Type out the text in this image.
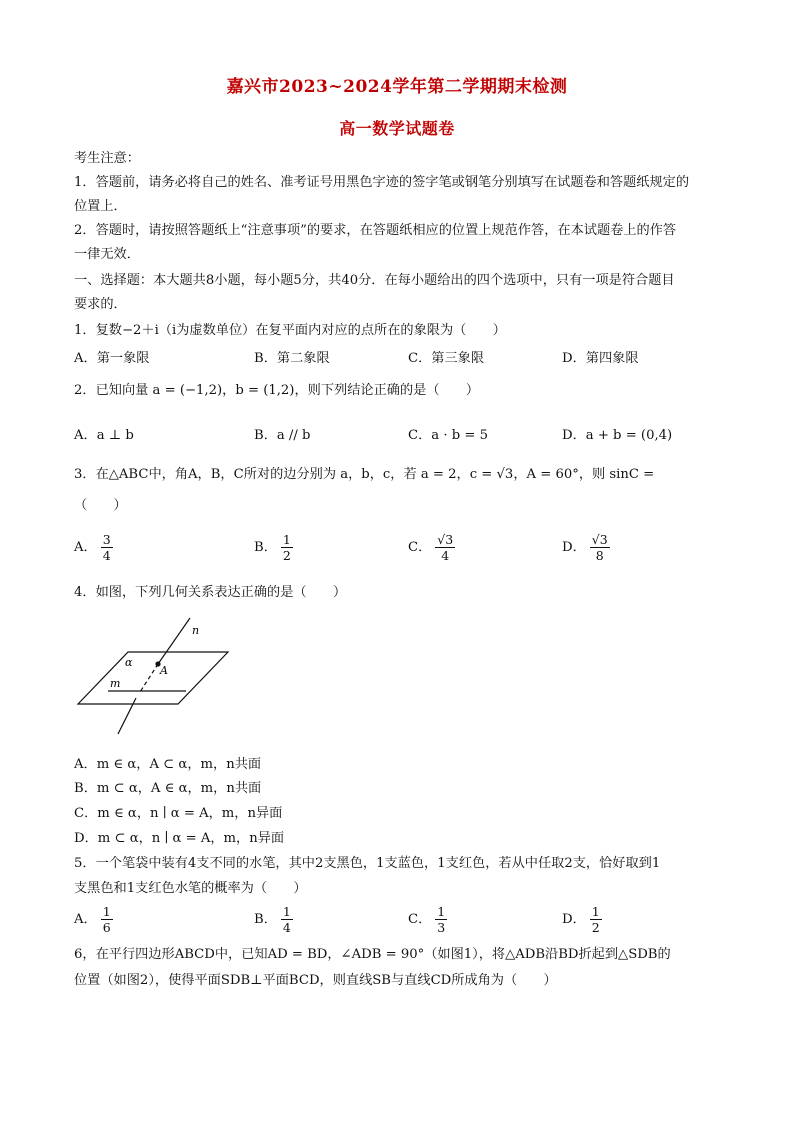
嘉兴市2023~2024学年第二学期期末检测
高一数学试题卷
考生注意：
1．答题前，请务必将自己的姓名、准考证号用黑色字迹的签字笔或钢笔分别填写在试题卷和答题纸规定的
位置上．
2．答题时，请按照答题纸上“注意事项”的要求，在答题纸相应的位置上规范作答，在本试题卷上的作答
一律无效．
一、选择题：本大题共8小题，每小题5分，共40分．在每小题给出的四个选项中，只有一项是符合题目
要求的．
1．复数−2＋i（i为虚数单位）在复平面内对应的点所在的象限为（　　）
A．第一象限	B．第二象限	C．第三象限	D．第四象限
2．已知向量 a = (−1,2)，b = (1,2)，则下列结论正确的是（　　）
A．a ⊥ b	B．a // b	C．a · b = 5	D．a + b = (0,4)
3．在△ABC中，角A，B，C所对的边分别为 a，b，c，若 a = 2，c = √3，A = 60°，则 sinC =
（　　）
A． $\frac{3}{4}$	B． $\frac{1}{2}$	C． $\frac{√3}{4}$	D． $\frac{√3}{8}$
4．如图，下列几何关系表达正确的是（　　）
n
α
A
m
A．m ∈ α，A ⊂ α，m，n共面
B．m ⊂ α，A ∈ α，m，n共面
C．m ∈ α，n ∣ α = A，m，n异面
D．m ⊂ α，n ∣ α = A，m，n异面
5．一个笔袋中装有4支不同的水笔，其中2支黑色，1支蓝色，1支红色，若从中任取2支，恰好取到1
支黑色和1支红色水笔的概率为（　　）
A． $\frac{1}{6}$	B． $\frac{1}{4}$	C． $\frac{1}{3}$	D． $\frac{1}{2}$
6，在平行四边形ABCD中，已知AD = BD，∠ADB = 90°（如图1），将△ADB沿BD折起到△SDB的
位置（如图2），使得平面SDB⊥平面BCD，则直线SB与直线CD所成角为（　　）
